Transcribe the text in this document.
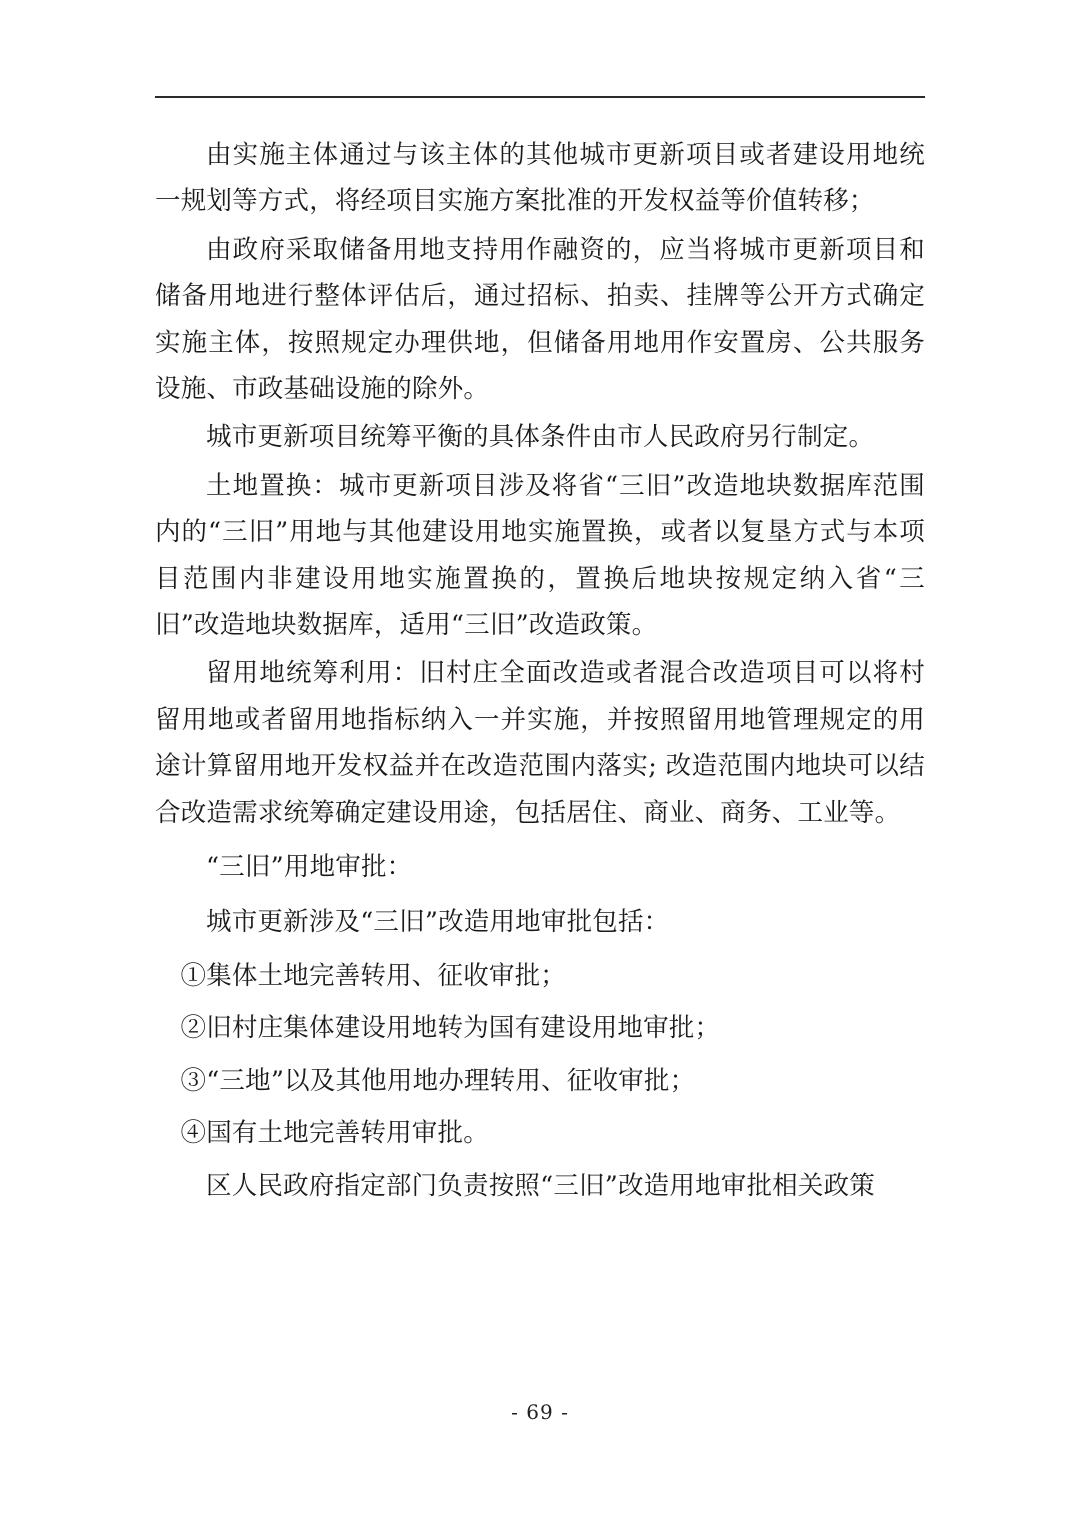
由实施主体通过与该主体的其他城市更新项目或者建设用地统一规划等方式，将经项目实施方案批准的开发权益等价值转移；

由政府采取储备用地支持用作融资的，应当将城市更新项目和储备用地进行整体评估后，通过招标、拍卖、挂牌等公开方式确定实施主体，按照规定办理供地，但储备用地用作安置房、公共服务设施、市政基础设施的除外。

城市更新项目统筹平衡的具体条件由市人民政府另行制定。

土地置换：城市更新项目涉及将省“三旧”改造地块数据库范围内的“三旧”用地与其他建设用地实施置换，或者以复垦方式与本项目范围内非建设用地实施置换的，置换后地块按规定纳入省“三旧”改造地块数据库，适用“三旧”改造政策。

留用地统筹利用：旧村庄全面改造或者混合改造项目可以将村留用地或者留用地指标纳入一并实施，并按照留用地管理规定的用途计算留用地开发权益并在改造范围内落实; 改造范围内地块可以结合改造需求统筹确定建设用途，包括居住、商业、商务、工业等。

“三旧”用地审批：

城市更新涉及“三旧”改造用地审批包括：

①集体土地完善转用、征收审批；

②旧村庄集体建设用地转为国有建设用地审批；

③“三地”以及其他用地办理转用、征收审批；

④国有土地完善转用审批。

区人民政府指定部门负责按照“三旧”改造用地审批相关政策

- 69 -
